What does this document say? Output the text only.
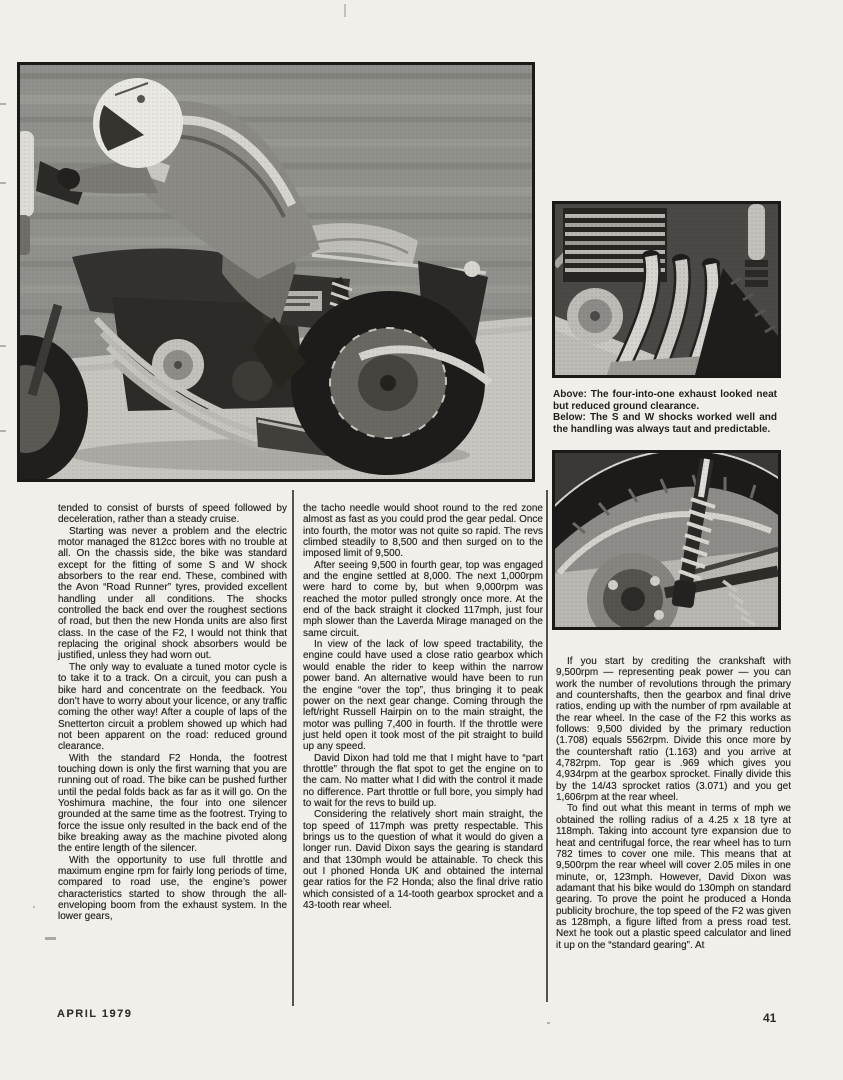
Above: The four-into-one exhaust looked neat but reduced ground clearance.

Below: The S and W shocks worked well and the handling was always taut and predictable.

tended to consist of bursts of speed followed by deceleration, rather than a steady cruise.

Starting was never a problem and the electric motor managed the 812cc bores with no trouble at all. On the chassis side, the bike was standard except for the fitting of some S and W shock absorbers to the rear end. These, combined with the Avon “Road Runner” tyres, provided excellent handling under all conditions. The shocks controlled the back end over the roughest sections of road, but then the new Honda units are also first class. In the case of the F2, I would not think that replacing the original shock absorbers would be justified, unless they had worn out.

The only way to evaluate a tuned motor cycle is to take it to a track. On a circuit, you can push a bike hard and concentrate on the feedback. You don’t have to worry about your licence, or any traffic coming the other way! After a couple of laps of the Snetterton circuit a problem showed up which had not been apparent on the road: reduced ground clearance.

With the standard F2 Honda, the footrest touching down is only the first warning that you are running out of road. The bike can be pushed further until the pedal folds back as far as it will go. On the Yoshimura machine, the four into one silencer grounded at the same time as the footrest. Trying to force the issue only resulted in the back end of the bike breaking away as the machine pivoted along the entire length of the silencer.

With the opportunity to use full throttle and maximum engine rpm for fairly long periods of time, compared to road use, the engine’s power characteristics started to show through the all-enveloping boom from the exhaust system. In the lower gears,

the tacho needle would shoot round to the red zone almost as fast as you could prod the gear pedal. Once into fourth, the motor was not quite so rapid. The revs climbed steadily to 8,500 and then surged on to the imposed limit of 9,500.

After seeing 9,500 in fourth gear, top was engaged and the engine settled at 8,000. The next 1,000rpm were hard to come by, but when 9,000rpm was reached the motor pulled strongly once more. At the end of the back straight it clocked 117mph, just four mph slower than the Laverda Mirage managed on the same circuit.

In view of the lack of low speed tractability, the engine could have used a close ratio gearbox which would enable the rider to keep within the narrow power band. An alternative would have been to run the engine “over the top”, thus bringing it to peak power on the next gear change. Coming through the left/right Russell Hairpin on to the main straight, the motor was pulling 7,400 in fourth. If the throttle were just held open it took most of the pit straight to build up any speed.

David Dixon had told me that I might have to “part throttle” through the flat spot to get the engine on to the cam. No matter what I did with the control it made no difference. Part throttle or full bore, you simply had to wait for the revs to build up.

Considering the relatively short main straight, the top speed of 117mph was pretty respectable. This brings us to the question of what it would do given a longer run. David Dixon says the gearing is standard and that 130mph would be attainable. To check this out I phoned Honda UK and obtained the internal gear ratios for the F2 Honda; also the final drive ratio which consisted of a 14-tooth gearbox sprocket and a 43-tooth rear wheel.

If you start by crediting the crankshaft with 9,500rpm — representing peak power — you can work the number of revolutions through the primary and countershafts, then the gearbox and final drive ratios, ending up with the number of rpm available at the rear wheel. In the case of the F2 this works as follows: 9,500 divided by the primary reduction (1.708) equals 5562rpm. Divide this once more by the countershaft ratio (1.163) and you arrive at 4,782rpm. Top gear is .969 which gives you 4,934rpm at the gearbox sprocket. Finally divide this by the 14/43 sprocket ratios (3.071) and you get 1,606rpm at the rear wheel.

To find out what this meant in terms of mph we obtained the rolling radius of a 4.25 x 18 tyre at 118mph. Taking into account tyre expansion due to heat and centrifugal force, the rear wheel has to turn 782 times to cover one mile. This means that at 9,500rpm the rear wheel will cover 2.05 miles in one minute, or, 123mph. However, David Dixon was adamant that his bike would do 130mph on standard gearing. To prove the point he produced a Honda publicity brochure, the top speed of the F2 was given as 128mph, a figure lifted from a press road test. Next he took out a plastic speed calculator and lined it up on the “standard gearing”. At

APRIL 1979	41
